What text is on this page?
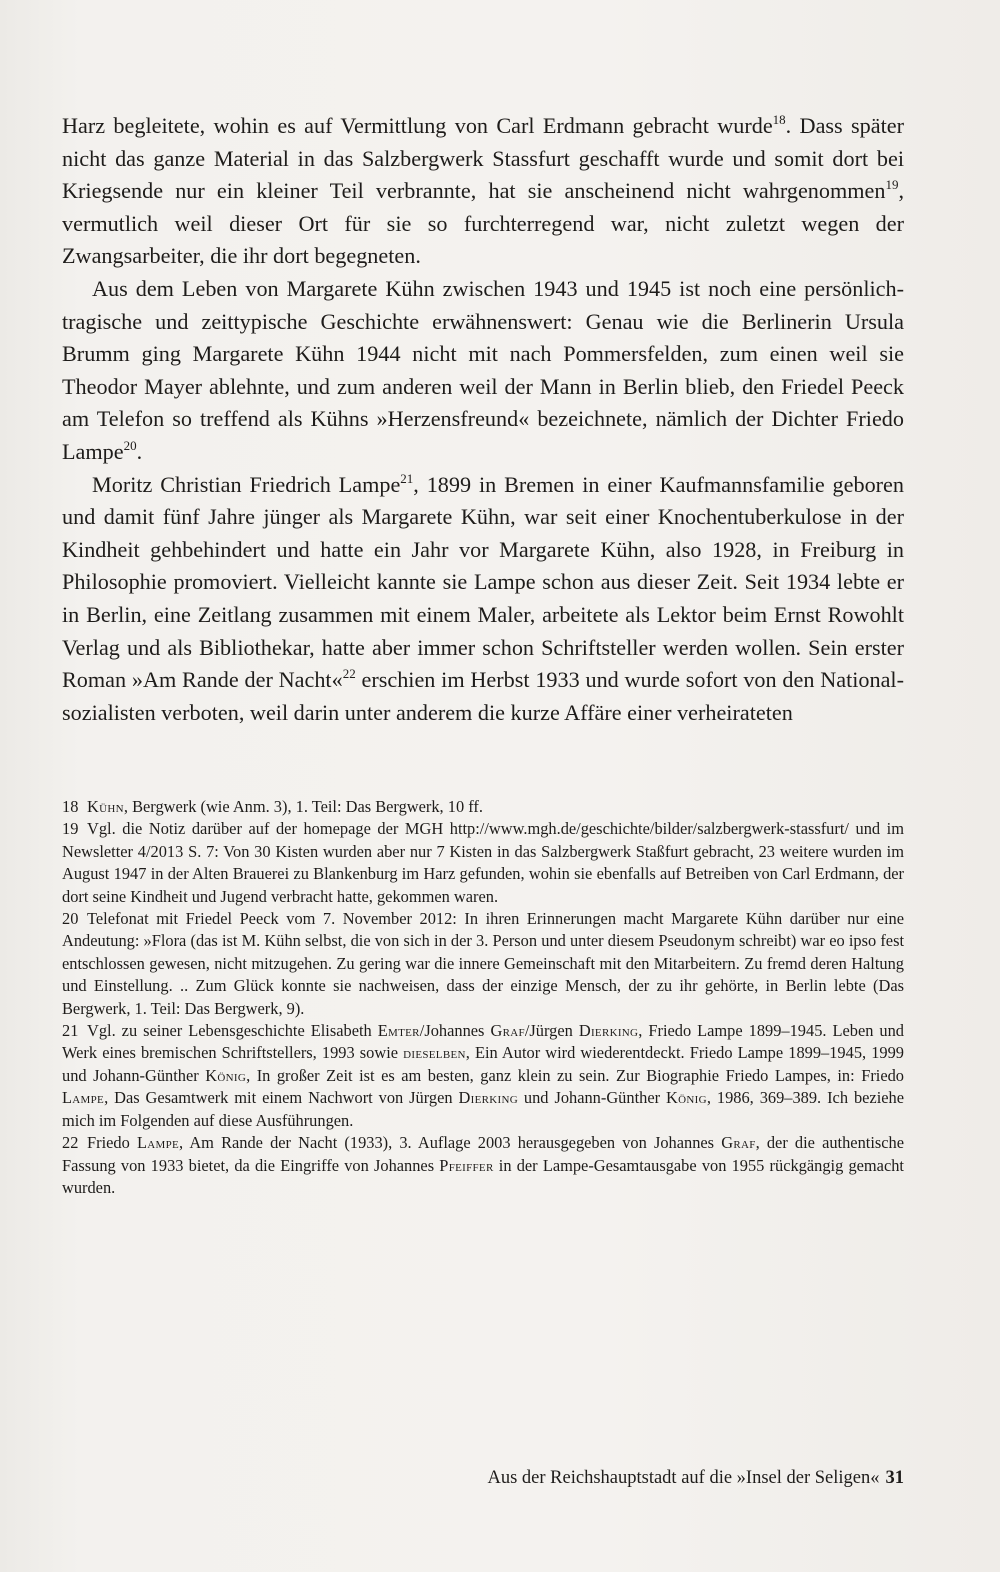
Harz begleitete, wohin es auf Vermittlung von Carl Erdmann gebracht wurde$^{18}$. Dass später nicht das ganze Material in das Salzbergwerk Stassfurt geschafft wurde und somit dort bei Kriegsende nur ein kleiner Teil verbrannte, hat sie anscheinend nicht wahrgenommen$^{19}$, vermutlich weil dieser Ort für sie so furchterregend war, nicht zuletzt wegen der Zwangsarbeiter, die ihr dort begegneten.

Aus dem Leben von Margarete Kühn zwischen 1943 und 1945 ist noch eine persönlich-tragische und zeittypische Geschichte erwähnenswert: Genau wie die Berlinerin Ursula Brumm ging Margarete Kühn 1944 nicht mit nach Pommersfelden, zum einen weil sie Theodor Mayer ablehnte, und zum anderen weil der Mann in Berlin blieb, den Friedel Peeck am Telefon so treffend als Kühns »Herzensfreund« bezeichnete, nämlich der Dichter Friedo Lampe$^{20}$.

Moritz Christian Friedrich Lampe$^{21}$, 1899 in Bremen in einer Kaufmannsfamilie geboren und damit fünf Jahre jünger als Margarete Kühn, war seit einer Knochentuberkulose in der Kindheit gehbehindert und hatte ein Jahr vor Margarete Kühn, also 1928, in Freiburg in Philosophie promoviert. Vielleicht kannte sie Lampe schon aus dieser Zeit. Seit 1934 lebte er in Berlin, eine Zeitlang zusammen mit einem Maler, arbeitete als Lektor beim Ernst Rowohlt Verlag und als Bibliothekar, hatte aber immer schon Schriftsteller werden wollen. Sein erster Roman »Am Rande der Nacht«$^{22}$ erschien im Herbst 1933 und wurde sofort von den Nationalsozialisten verboten, weil darin unter anderem die kurze Affäre einer verheirateten

18 Kühn, Bergwerk (wie Anm. 3), 1. Teil: Das Bergwerk, 10 ff.

19 Vgl. die Notiz darüber auf der homepage der MGH http://www.mgh.de/geschichte/bilder/salzbergwerk-stassfurt/ und im Newsletter 4/2013 S. 7: Von 30 Kisten wurden aber nur 7 Kisten in das Salzbergwerk Staßfurt gebracht, 23 weitere wurden im August 1947 in der Alten Brauerei zu Blankenburg im Harz gefunden, wohin sie ebenfalls auf Betreiben von Carl Erdmann, der dort seine Kindheit und Jugend verbracht hatte, gekommen waren.

20 Telefonat mit Friedel Peeck vom 7. November 2012: In ihren Erinnerungen macht Margarete Kühn darüber nur eine Andeutung: »Flora (das ist M. Kühn selbst, die von sich in der 3. Person und unter diesem Pseudonym schreibt) war eo ipso fest entschlossen gewesen, nicht mitzugehen. Zu gering war die innere Gemeinschaft mit den Mitarbeitern. Zu fremd deren Haltung und Einstellung. .. Zum Glück konnte sie nachweisen, dass der einzige Mensch, der zu ihr gehörte, in Berlin lebte (Das Bergwerk, 1. Teil: Das Bergwerk, 9).

21 Vgl. zu seiner Lebensgeschichte Elisabeth Emter/Johannes Graf/Jürgen Dierking, Friedo Lampe 1899–1945. Leben und Werk eines bremischen Schriftstellers, 1993 sowie dieselben, Ein Autor wird wiederentdeckt. Friedo Lampe 1899–1945, 1999 und Johann-Günther König, In großer Zeit ist es am besten, ganz klein zu sein. Zur Biographie Friedo Lampes, in: Friedo Lampe, Das Gesamtwerk mit einem Nachwort von Jürgen Dierking und Johann-Günther König, 1986, 369–389. Ich beziehe mich im Folgenden auf diese Ausführungen.

22 Friedo Lampe, Am Rande der Nacht (1933), 3. Auflage 2003 herausgegeben von Johannes Graf, der die authentische Fassung von 1933 bietet, da die Eingriffe von Johannes Pfeiffer in der Lampe-Gesamtausgabe von 1955 rückgängig gemacht wurden.

Aus der Reichshauptstadt auf die »Insel der Seligen« 31
